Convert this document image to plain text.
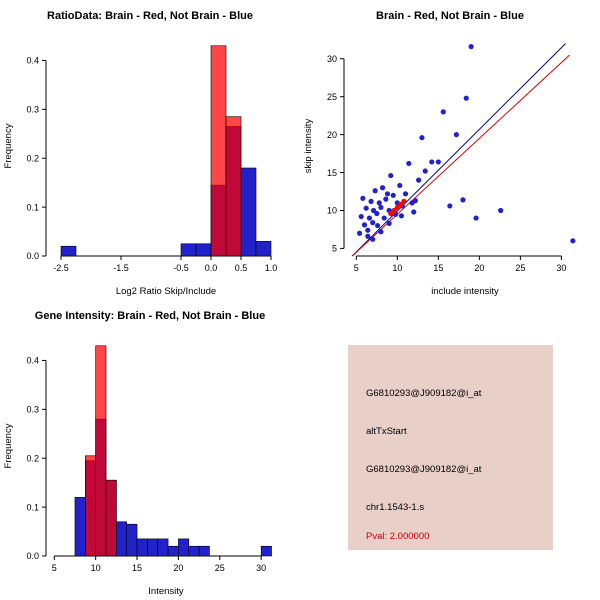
RatioData: Brain - Red, Not Brain - Blue
-2.5	-1.5	-0.5 0.0 0.5 1.0
0.0
0.1
0.2
0.3
0.4
Log2 Ratio Skip/Include
Frequency
Brain - Red, Not Brain - Blue
5	10	15	20	25	30
5
10
15
20
25
30
include intensity
skip intensity
Gene Intensity: Brain - Red, Not Brain - Blue
5	10	15	20	25	30
0.0
0.1
0.2
0.3
0.4
Intensity
Frequency
G6810293@J909182@i_at
altTxStart
G6810293@J909182@i_at
chr1.1543-1.s
Pval: 2.000000
